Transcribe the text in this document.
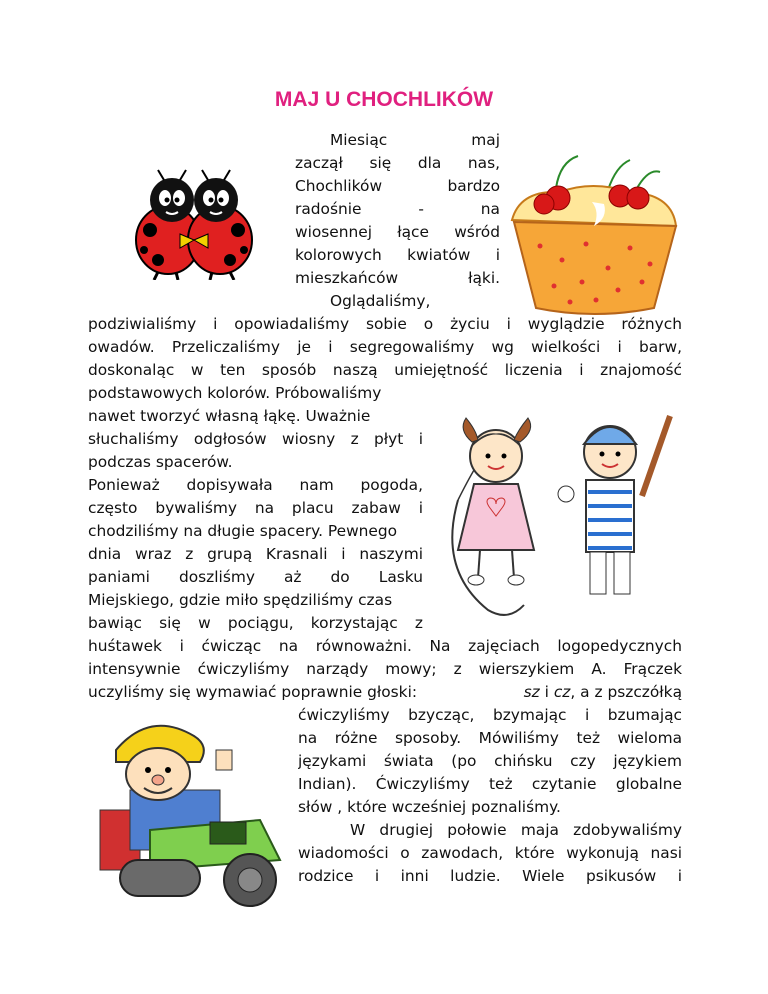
MAJ U CHOCHLIKÓW
Miesiąc maj
zaczął się dla nas,
Chochlików bardzo
radośnie - na
wiosennej łące wśród
kolorowych kwiatów i
mieszkańców łąki.
Oglądaliśmy,
podziwialiśmy i opowiadaliśmy sobie o życiu i wyglądzie różnych
owadów. Przeliczaliśmy je i segregowaliśmy wg wielkości i barw,
doskonaląc w ten sposób naszą umiejętność liczenia i znajomość
podstawowych kolorów. Próbowaliśmy
nawet tworzyć własną łąkę. Uważnie
słuchaliśmy odgłosów wiosny z płyt i
podczas spacerów.
Ponieważ dopisywała nam pogoda,
często bywaliśmy na placu zabaw i
chodziliśmy na długie spacery. Pewnego
dnia wraz z grupą Krasnali i naszymi
paniami doszliśmy aż do Lasku
Miejskiego, gdzie miło spędziliśmy czas
bawiąc się w pociągu, korzystając z
huśtawek i ćwicząc na równoważni. Na zajęciach logopedycznych
intensywnie ćwiczyliśmy narządy mowy; z wierszykiem A. Frączek
uczyliśmy się wymawiać poprawnie głoski:	sz i cz, a z pszczółką
ćwiczyliśmy bzycząc, bzymając i bzumając
na różne sposoby. Mówiliśmy też wieloma
językami świata (po chińsku czy językiem
Indian). Ćwiczyliśmy też czytanie globalne
słów , które wcześniej poznaliśmy.
W drugiej połowie maja zdobywaliśmy
wiadomości o zawodach, które wykonują nasi
rodzice i inni ludzie. Wiele psikusów i
